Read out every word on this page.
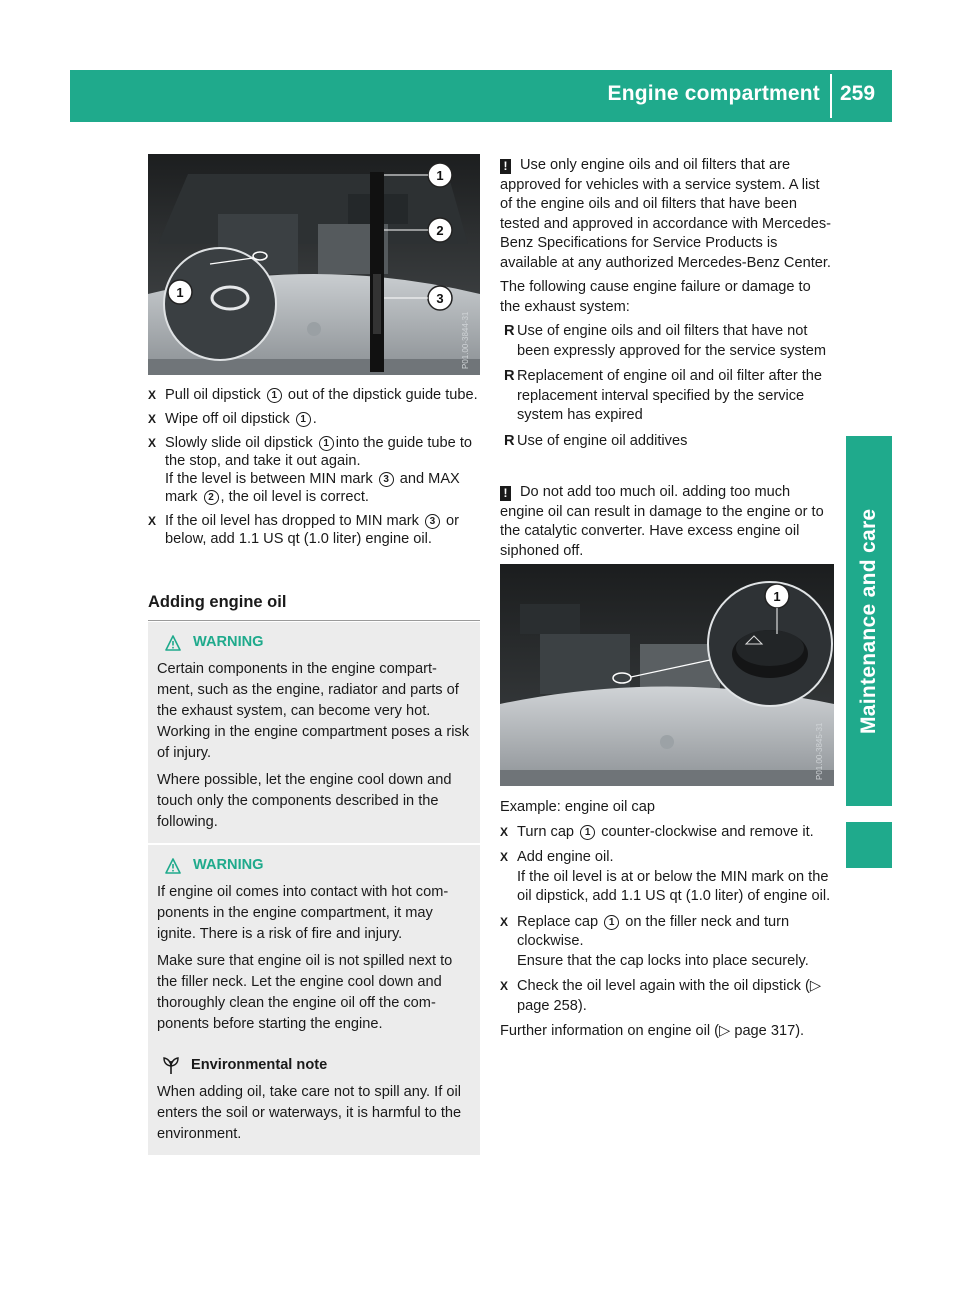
Engine compartment 259
Maintenance and care
1
2
3
1
P01.00-3844-31
X Pull oil dipstick 1 out of the dipstick guide tube.
X Wipe off oil dipstick 1 .
X Slowly slide oil dipstick 1 into the guide tube to the stop, and take it out again.
If the level is between MIN mark 3 and MAX mark 2 , the oil level is correct.
X If the oil level has dropped to MIN mark 3 or below, add 1.1 US qt (1.0 liter) engine oil.
Adding engine oil
WARNING

Certain components in the engine compart-ment, such as the engine, radiator and parts of the exhaust system, can become very hot. Working in the engine compartment poses a risk of injury.

Where possible, let the engine cool down and touch only the components described in the following.

WARNING

If engine oil comes into contact with hot com-ponents in the engine compartment, it may ignite. There is a risk of fire and injury.

Make sure that engine oil is not spilled next to the filler neck. Let the engine cool down and thoroughly clean the engine oil off the com-ponents before starting the engine.

Environmental note

When adding oil, take care not to spill any. If oil enters the soil or waterways, it is harmful to the environment.

! Use only engine oils and oil filters that are approved for vehicles with a service system. A list of the engine oils and oil filters that have been tested and approved in accordance with Mercedes-Benz Specifications for Service Products is available at any authorized Mercedes-Benz Center.

The following cause engine failure or damage to the exhaust system:

R Use of engine oils and oil filters that have not been expressly approved for the service system
R Replacement of engine oil and oil filter after the replacement interval specified by the service system has expired
R Use of engine oil additives

! Do not add too much oil. adding too much engine oil can result in damage to the engine or to the catalytic converter. Have excess engine oil siphoned off.

1
P01.00-3845-31

Example: engine oil cap

X Turn cap 1 counter-clockwise and remove it.
X Add engine oil.
If the oil level is at or below the MIN mark on the oil dipstick, add 1.1 US qt (1.0 liter) of engine oil.
X Replace cap 1 on the filler neck and turn clockwise.
Ensure that the cap locks into place securely.
X Check the oil level again with the oil dipstick (▷ page 258).

Further information on engine oil (▷ page 317).
